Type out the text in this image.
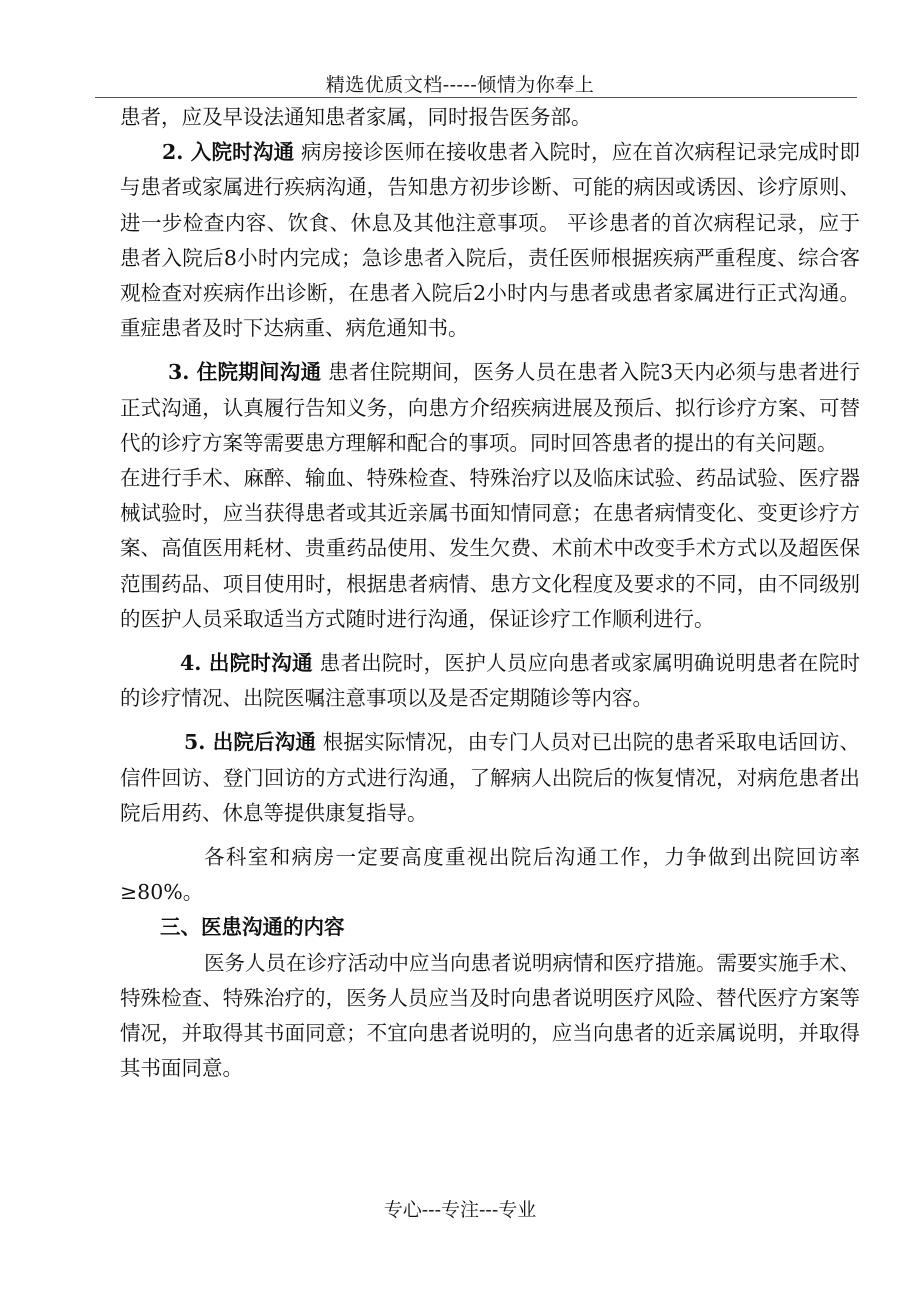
精选优质文档-----倾情为你奉上

患者，应及早设法通知患者家属，同时报告医务部。

2. 入院时沟通 病房接诊医师在接收患者入院时，应在首次病程记录完成时即与患者或家属进行疾病沟通，告知患方初步诊断、可能的病因或诱因、诊疗原则、进一步检查内容、饮食、休息及其他注意事项。 平诊患者的首次病程记录，应于患者入院后8小时内完成；急诊患者入院后，责任医师根据疾病严重程度、综合客观检查对疾病作出诊断，在患者入院后2小时内与患者或患者家属进行正式沟通。重症患者及时下达病重、病危通知书。

3. 住院期间沟通 患者住院期间，医务人员在患者入院3天内必须与患者进行正式沟通，认真履行告知义务，向患方介绍疾病进展及预后、拟行诊疗方案、可替代的诊疗方案等需要患方理解和配合的事项。同时回答患者的提出的有关问题。

在进行手术、麻醉、输血、特殊检查、特殊治疗以及临床试验、药品试验、医疗器械试验时，应当获得患者或其近亲属书面知情同意；在患者病情变化、变更诊疗方案、高值医用耗材、贵重药品使用、发生欠费、术前术中改变手术方式以及超医保范围药品、项目使用时，根据患者病情、患方文化程度及要求的不同，由不同级别的医护人员采取适当方式随时进行沟通，保证诊疗工作顺利进行。

4. 出院时沟通 患者出院时，医护人员应向患者或家属明确说明患者在院时的诊疗情况、出院医嘱注意事项以及是否定期随诊等内容。

5. 出院后沟通 根据实际情况，由专门人员对已出院的患者采取电话回访、信件回访、登门回访的方式进行沟通，了解病人出院后的恢复情况，对病危患者出院后用药、休息等提供康复指导。

各科室和病房一定要高度重视出院后沟通工作，力争做到出院回访率≥80%。

三、医患沟通的内容

医务人员在诊疗活动中应当向患者说明病情和医疗措施。需要实施手术、特殊检查、特殊治疗的，医务人员应当及时向患者说明医疗风险、替代医疗方案等情况，并取得其书面同意；不宜向患者说明的，应当向患者的近亲属说明，并取得其书面同意。

专心---专注---专业
